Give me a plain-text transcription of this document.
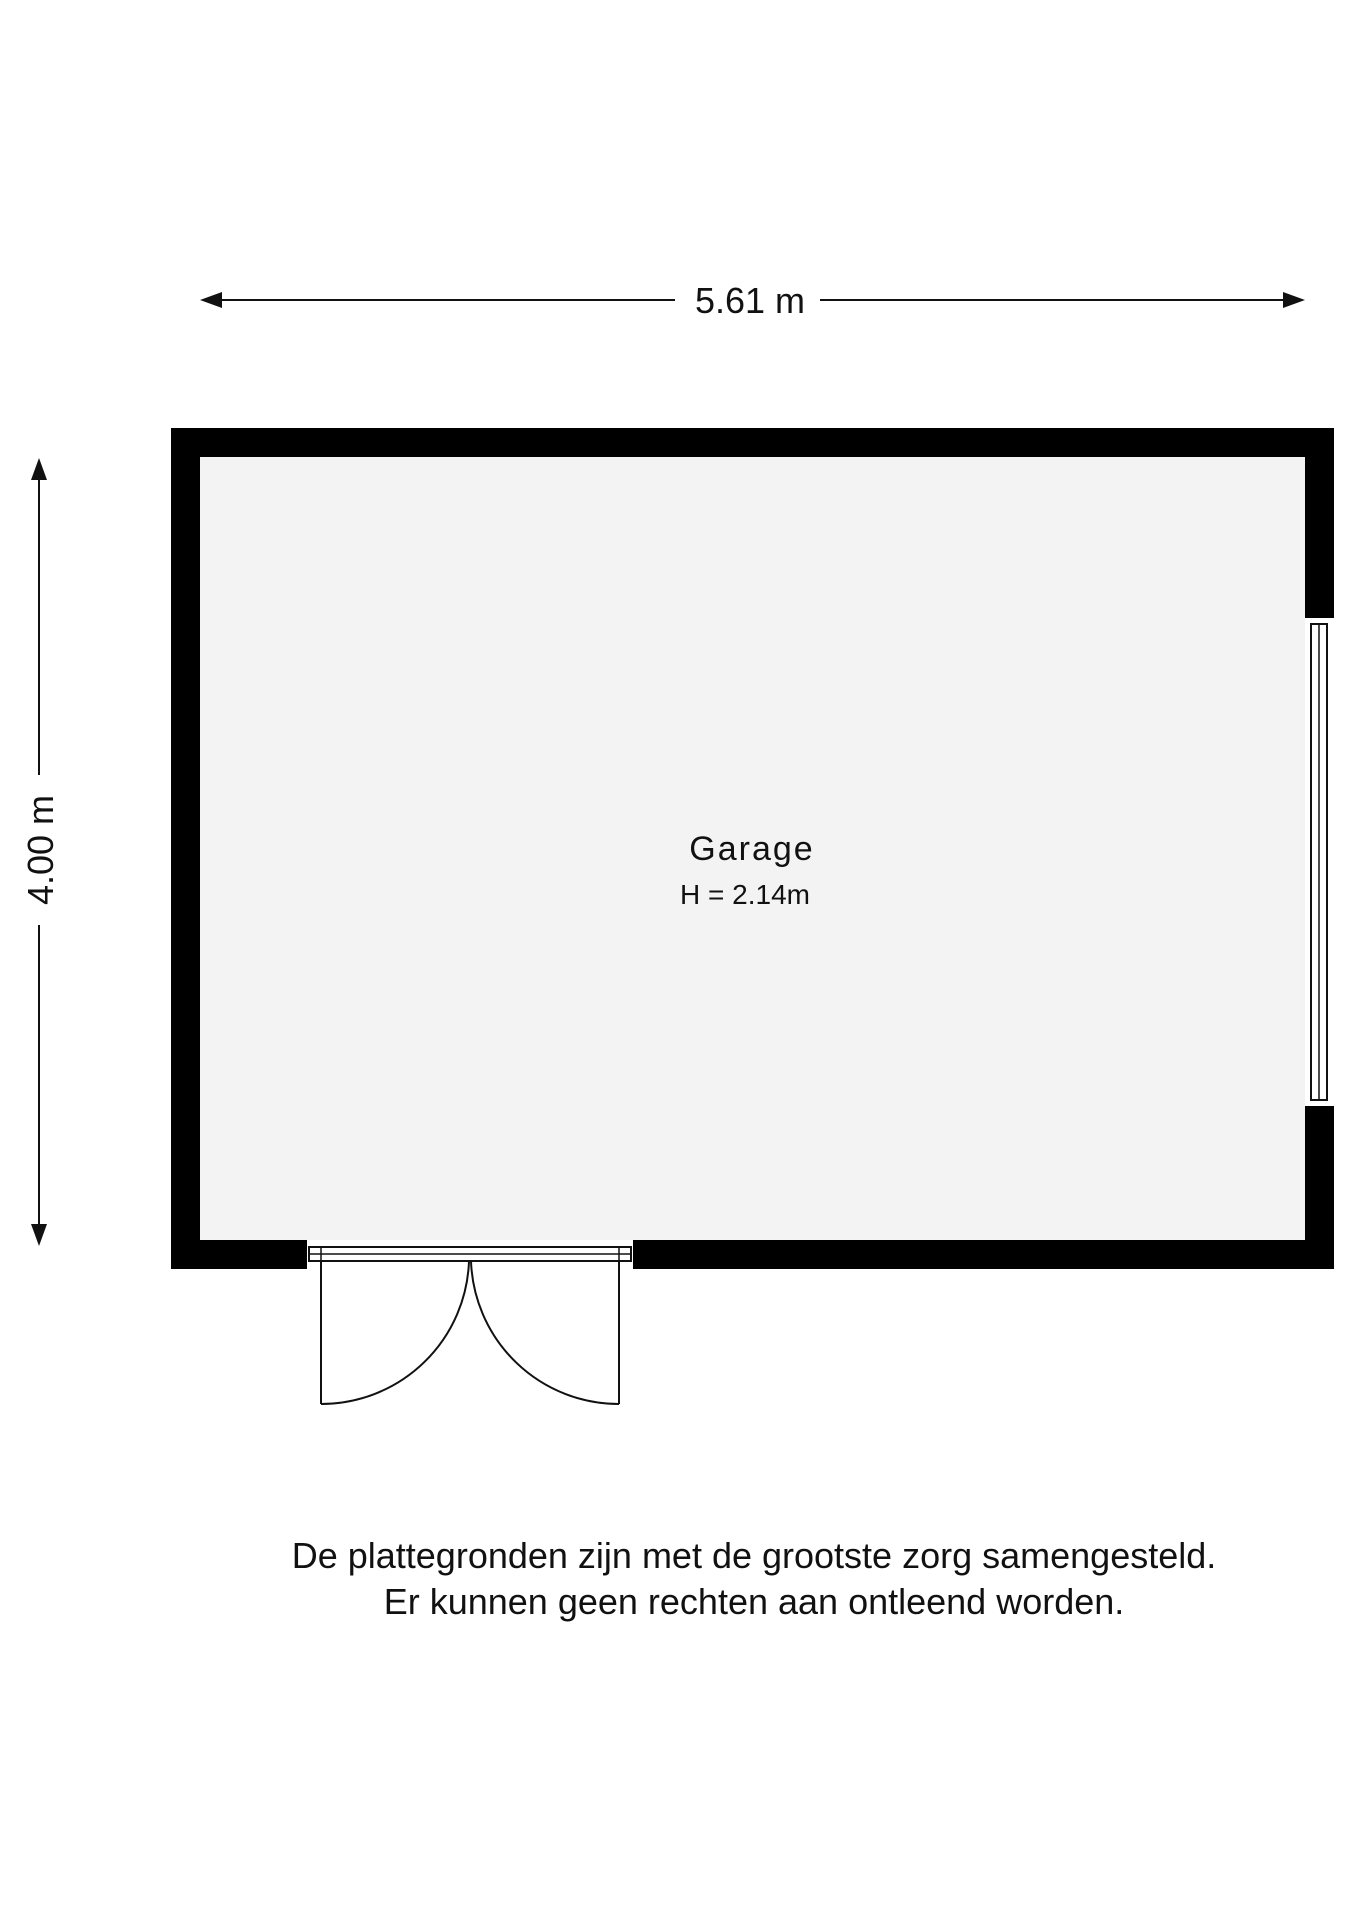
5.61 m
4.00 m	Garage
H = 2.14m
De plattegronden zijn met de grootste zorg samengesteld.
Er kunnen geen rechten aan ontleend worden.
